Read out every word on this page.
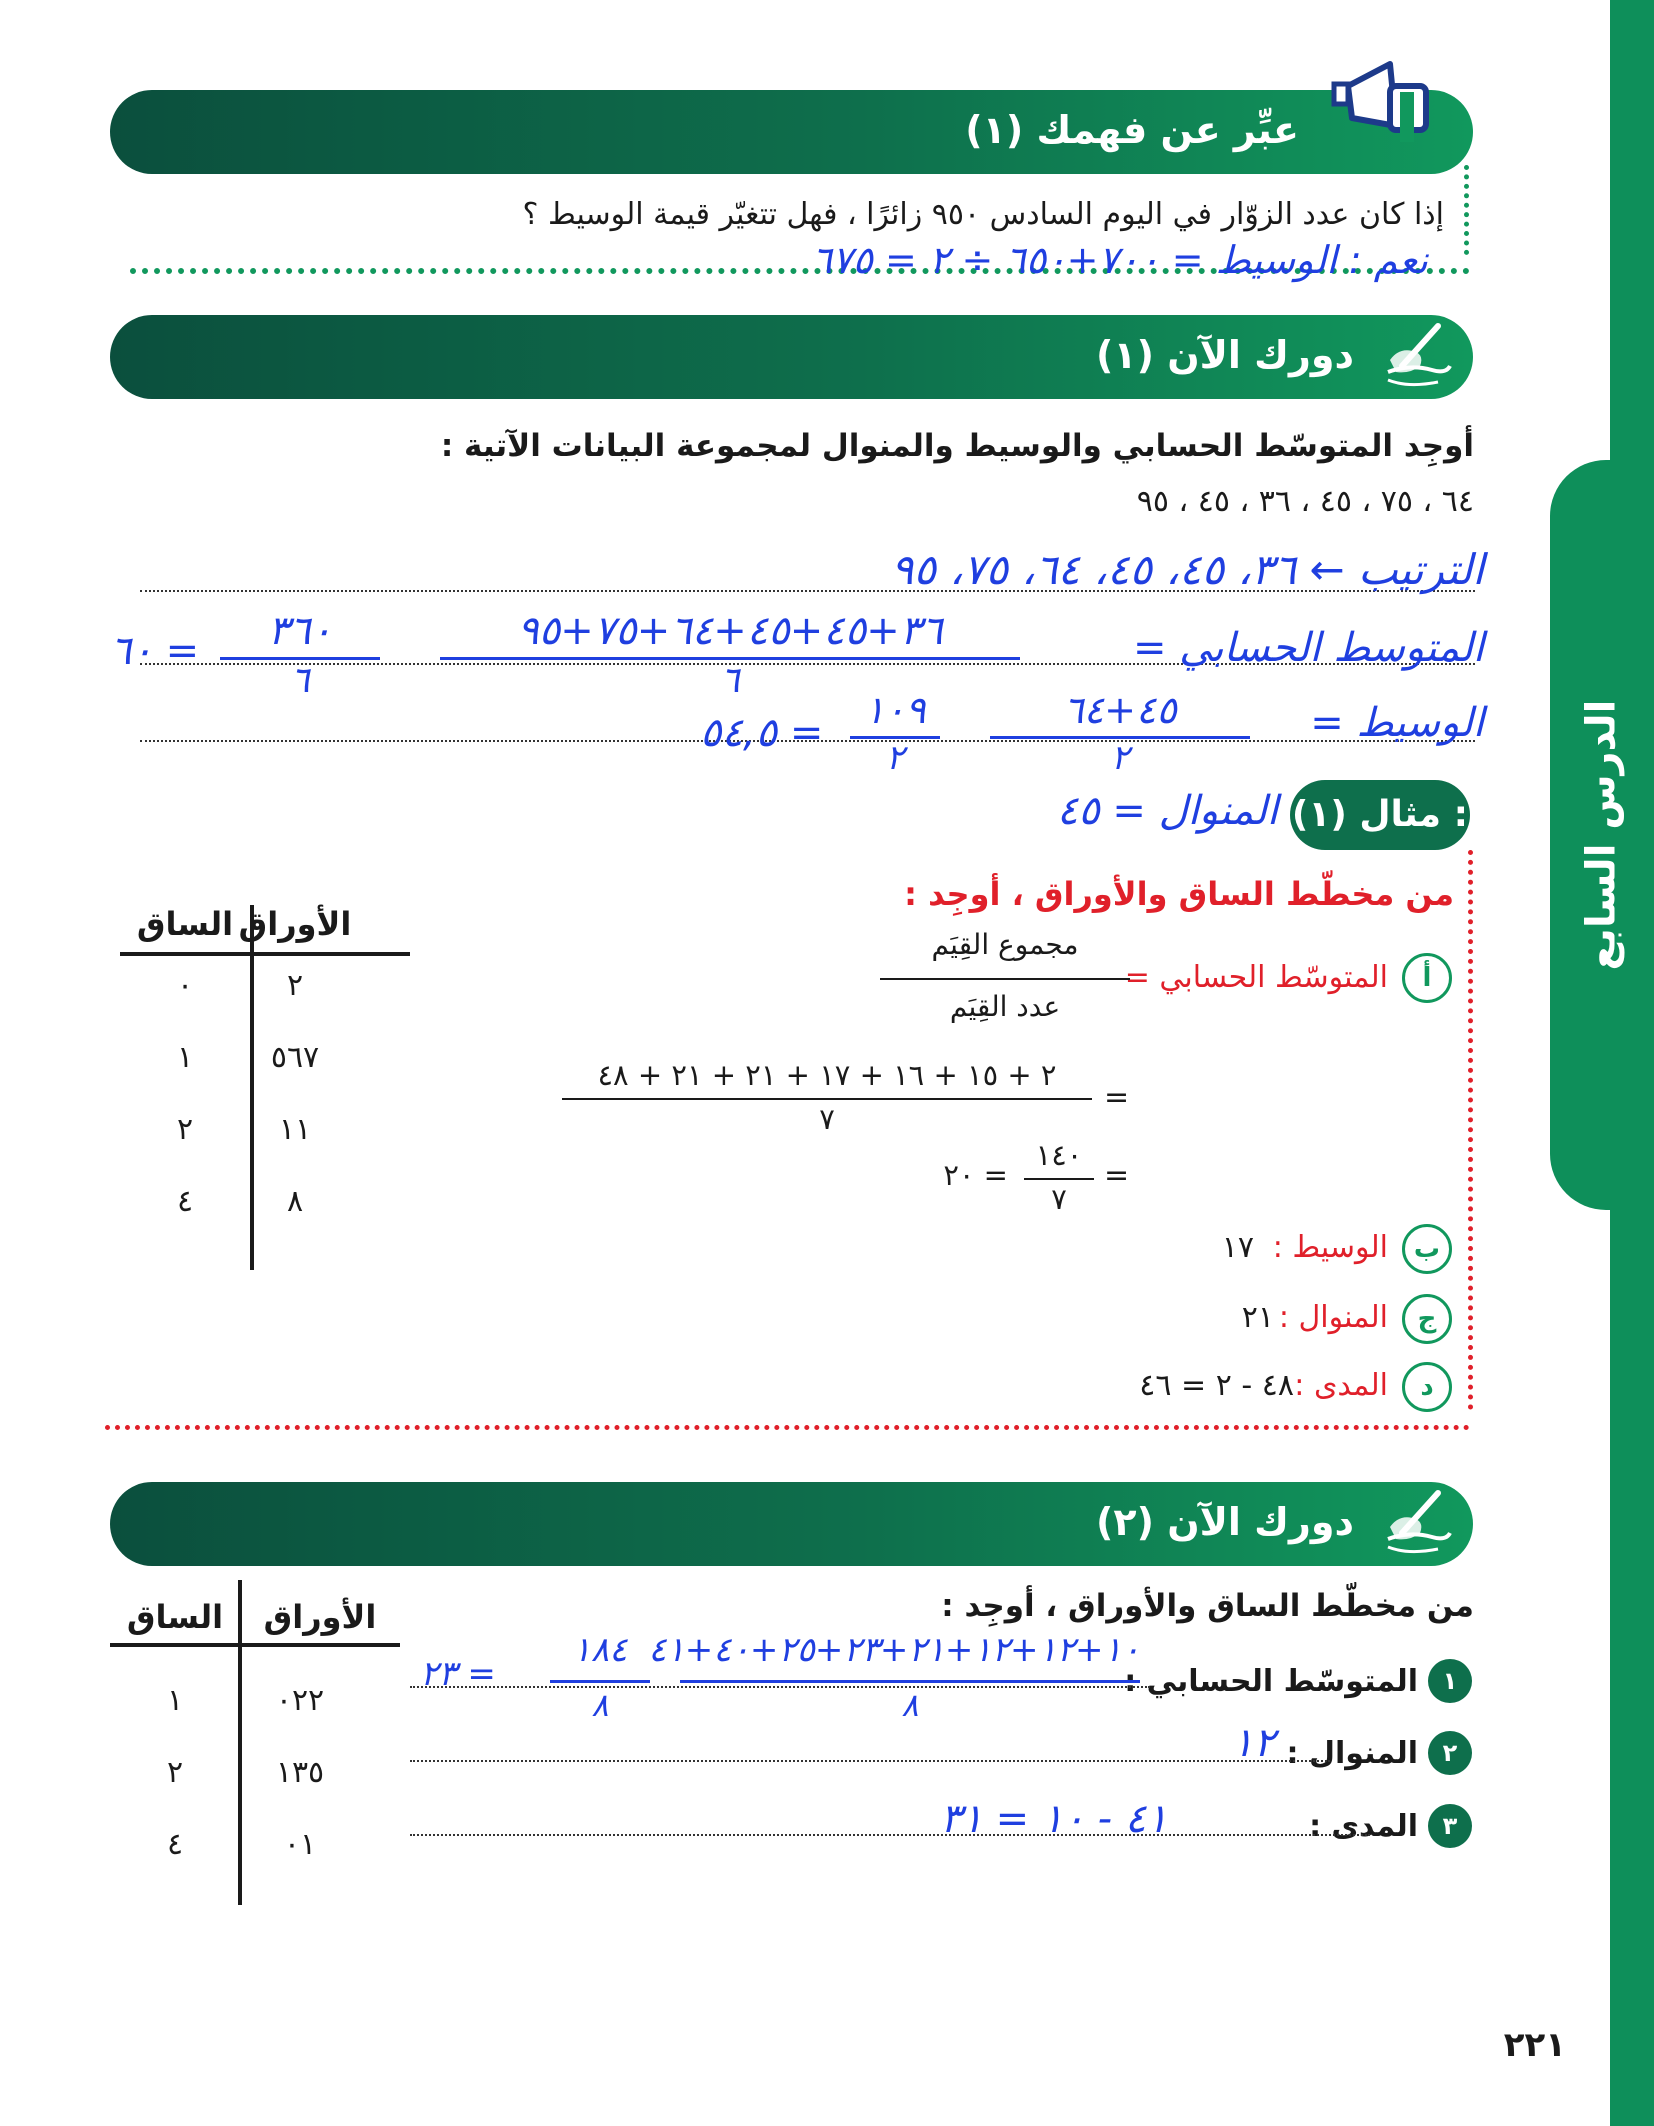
الدرس السابع
عبِّر عن فهمك (١)
إذا كان عدد الزوّار في اليوم السادس ٩٥٠ زائرًا ، فهل تتغيّر قيمة الوسيط ؟
نعم : الوسيط = ٧٠٠+٦٥٠ ÷ ٢ = ٦٧٥
دورك الآن (١)
أوجِد المتوسّط الحسابي والوسيط والمنوال لمجموعة البيانات الآتية :
٦٤ ، ٧٥ ، ٤٥ ، ٣٦ ، ٤٥ ، ٩٥
الترتيب ← ٣٦، ٤٥، ٤٥، ٦٤، ٧٥، ٩٥
المتوسط الحسابي =
٣٦+٤٥+٤٥+٦٤+٧٥+٩٥
٦
٣٦٠
٦
= ٦٠
الوسيط =
٤٥+٦٤
٢
١٠٩
٢
= ٥٤,٥
المنوال = ٤٥ مثال (١) :
من مخطّط الساق والأوراق ، أوجِد :
أ
المتوسّط الحسابي =
مجموع القِيَم
عدد القِيَم
=
٢ + ١٥ + ١٦ + ١٧ + ٢١ + ٢١ + ٤٨
٧
=
١٤٠
٧
= ٢٠
ب
الوسيط :
١٧
ج
المنوال :
٢١
د
المدى :
٤٨ - ٢ = ٤٦
الأوراق
الساق
٢
٠
٥٦٧
١
١١
٢
٨
٤
دورك الآن (٢)
من مخطّط الساق والأوراق ، أوجِد :
١
المتوسّط الحسابي :
١٠+١٢+١٢+٢١+٢٣+٢٥+٤٠+٤١
٨
١٨٤
٨
= ٢٣
٢
المنوال :
١٢
٣
المدى :
٤١ - ١٠ = ٣١
الأوراق
الساق
٠٢٢
١
١٣٥
٢
٠١
٤
٢٢١
